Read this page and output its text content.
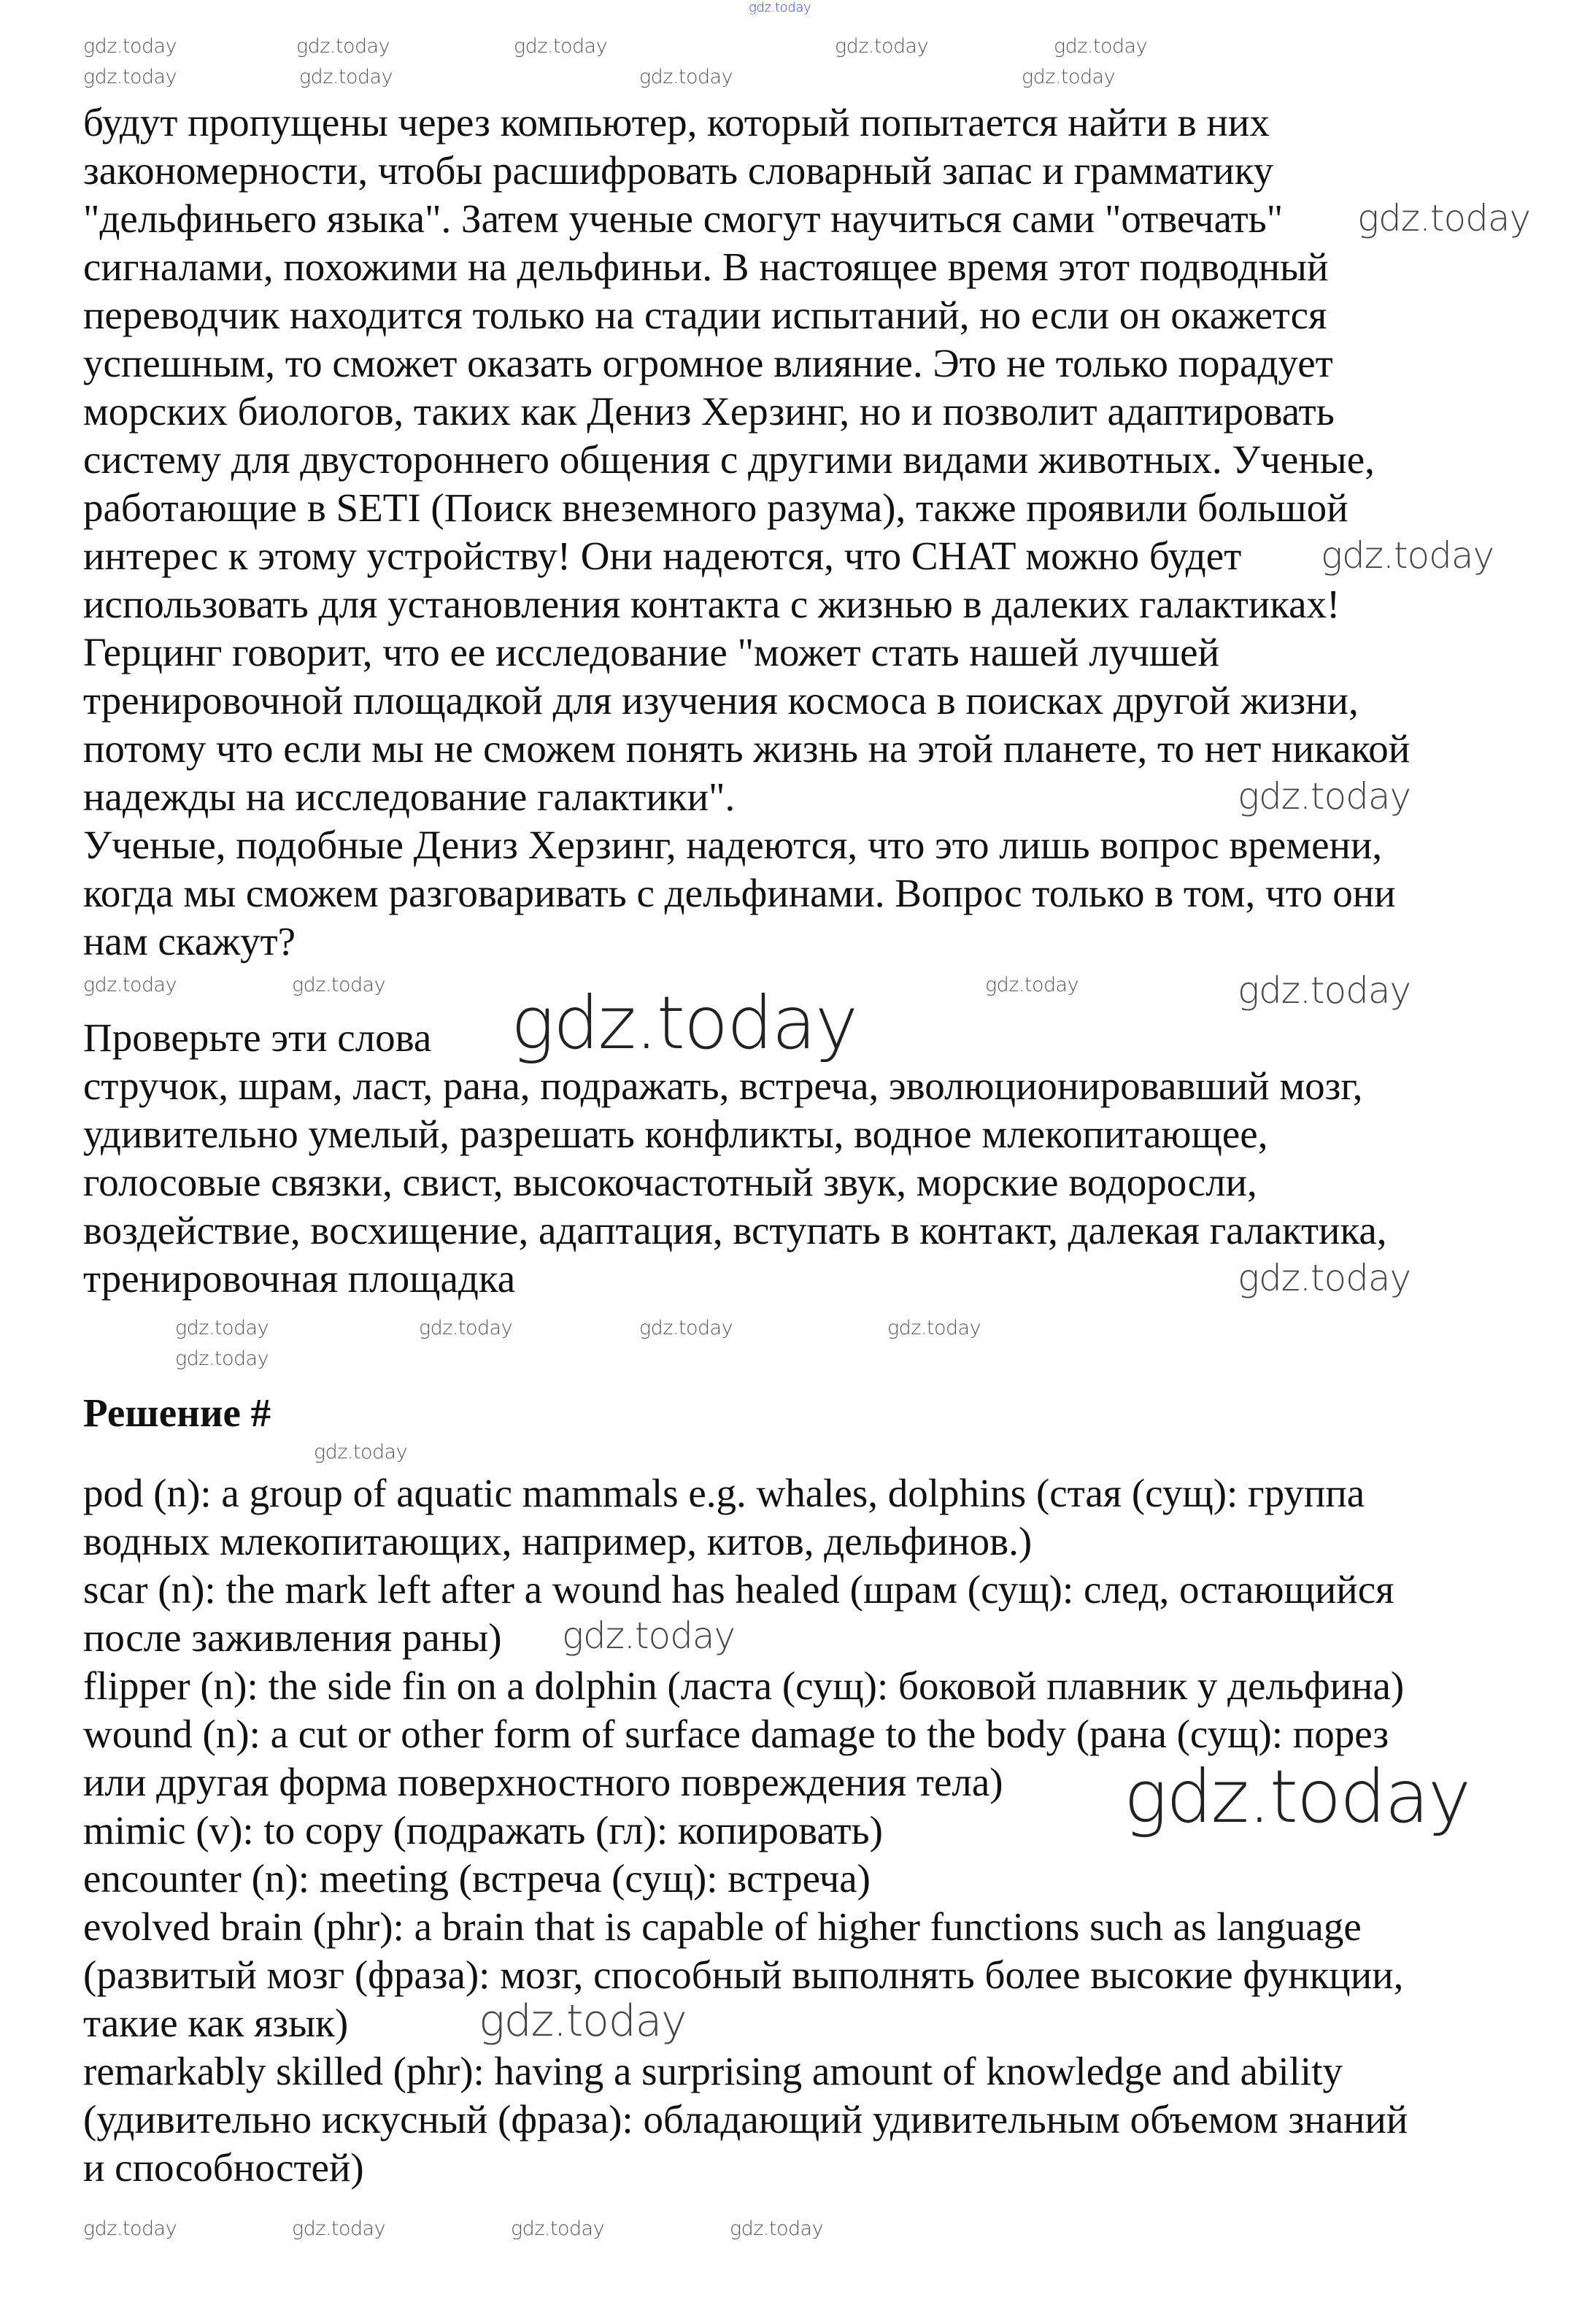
gdz.today
будут пропущены через компьютер, который попытается найти в них
закономерности, чтобы расшифровать словарный запас и грамматику
"дельфиньего языка". Затем ученые смогут научиться сами "отвечать"
сигналами, похожими на дельфиньи. В настоящее время этот подводный
переводчик находится только на стадии испытаний, но если он окажется
успешным, то сможет оказать огромное влияние. Это не только порадует
морских биологов, таких как Дениз Херзинг, но и позволит адаптировать
систему для двустороннего общения с другими видами животных. Ученые,
работающие в SETI (Поиск внеземного разума), также проявили большой
интерес к этому устройству! Они надеются, что CHAT можно будет
использовать для установления контакта с жизнью в далеких галактиках!
Герцинг говорит, что ее исследование "может стать нашей лучшей
тренировочной площадкой для изучения космоса в поисках другой жизни,
потому что если мы не сможем понять жизнь на этой планете, то нет никакой
надежды на исследование галактики".
Ученые, подобные Дениз Херзинг, надеются, что это лишь вопрос времени,
когда мы сможем разговаривать с дельфинами. Вопрос только в том, что они
нам скажут?
Проверьте эти слова
стручок, шрам, ласт, рана, подражать, встреча, эволюционировавший мозг,
удивительно умелый, разрешать конфликты, водное млекопитающее,
голосовые связки, свист, высокочастотный звук, морские водоросли,
воздействие, восхищение, адаптация, вступать в контакт, далекая галактика,
тренировочная площадка
Решение #
pod (n): a group of aquatic mammals e.g. whales, dolphins (стая (сущ): группа
водных млекопитающих, например, китов, дельфинов.)
scar (n): the mark left after a wound has healed (шрам (сущ): след, остающийся
после заживления раны)
flipper (n): the side fin on a dolphin (ласта (сущ): боковой плавник у дельфина)
wound (n): a cut or other form of surface damage to the body (рана (сущ): порез
или другая форма поверхностного повреждения тела)
mimic (v): to copy (подражать (гл): копировать)
encounter (n): meeting (встреча (сущ): встреча)
evolved brain (phr): a brain that is capable of higher functions such as language
(развитый мозг (фраза): мозг, способный выполнять более высокие функции,
такие как язык)
remarkably skilled (phr): having a surprising amount of knowledge and ability
(удивительно искусный (фраза): обладающий удивительным объемом знаний
и способностей)
gdz.today	gdz.today	gdz.today	gdz.today	gdz.today
gdz.today	gdz.today	gdz.today	gdz.today
gdz.today	gdz.today	gdz.today
gdz.today	gdz.today	gdz.today	gdz.today
gdz.today
gdz.today
gdz.today	gdz.today	gdz.today	gdz.today
gdz.today
gdz.today
gdz.today
gdz.today
gdz.today
gdz.today
gdz.today
gdz.today
gdz.today
